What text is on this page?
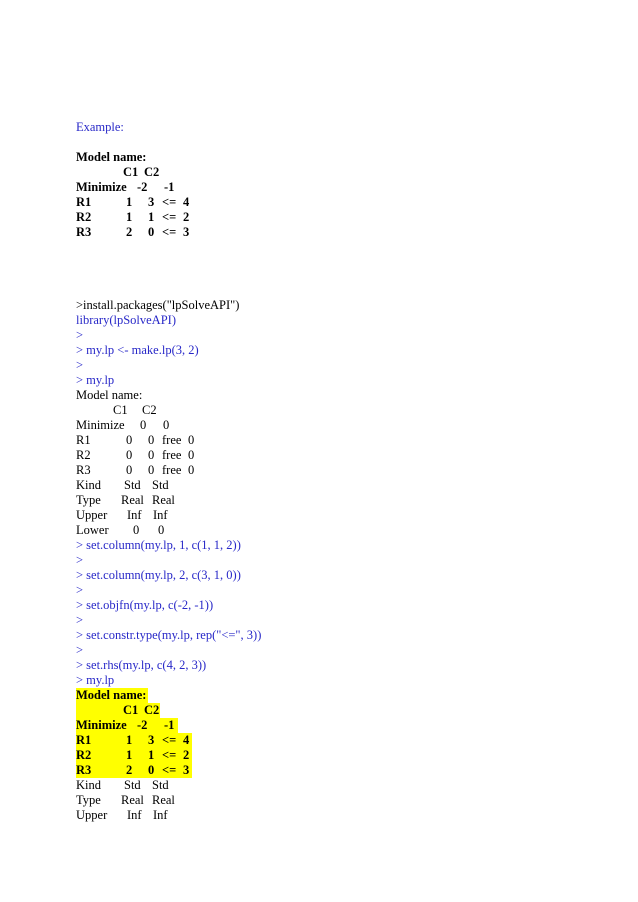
Example:
Model name:
C1 C2
Minimize -2 -1
R1	1 3 <= 4
R2	1 1 <= 2
R3	2 0 <= 3
>install.packages("lpSolveAPI")
library(lpSolveAPI)
>
> my.lp <- make.lp(3, 2)
>
> my.lp
Model name:
C1 C2
Minimize 0 0
R1	0 0 free 0
R2	0 0 free 0
R3	0 0 free 0
Kind Std Std
Type Real Real
Upper Inf Inf
Lower 0 0
> set.column(my.lp, 1, c(1, 1, 2))
>
> set.column(my.lp, 2, c(3, 1, 0))
>
> set.objfn(my.lp, c(-2, -1))
>
> set.constr.type(my.lp, rep("<=", 3))
>
> set.rhs(my.lp, c(4, 2, 3))
> my.lp
Model name:
C1 C2
Minimize -2 -1
R1	1 3 <= 4
R2	1 1 <= 2
R3	2 0 <= 3
Kind Std Std
Type Real Real
Upper Inf Inf
